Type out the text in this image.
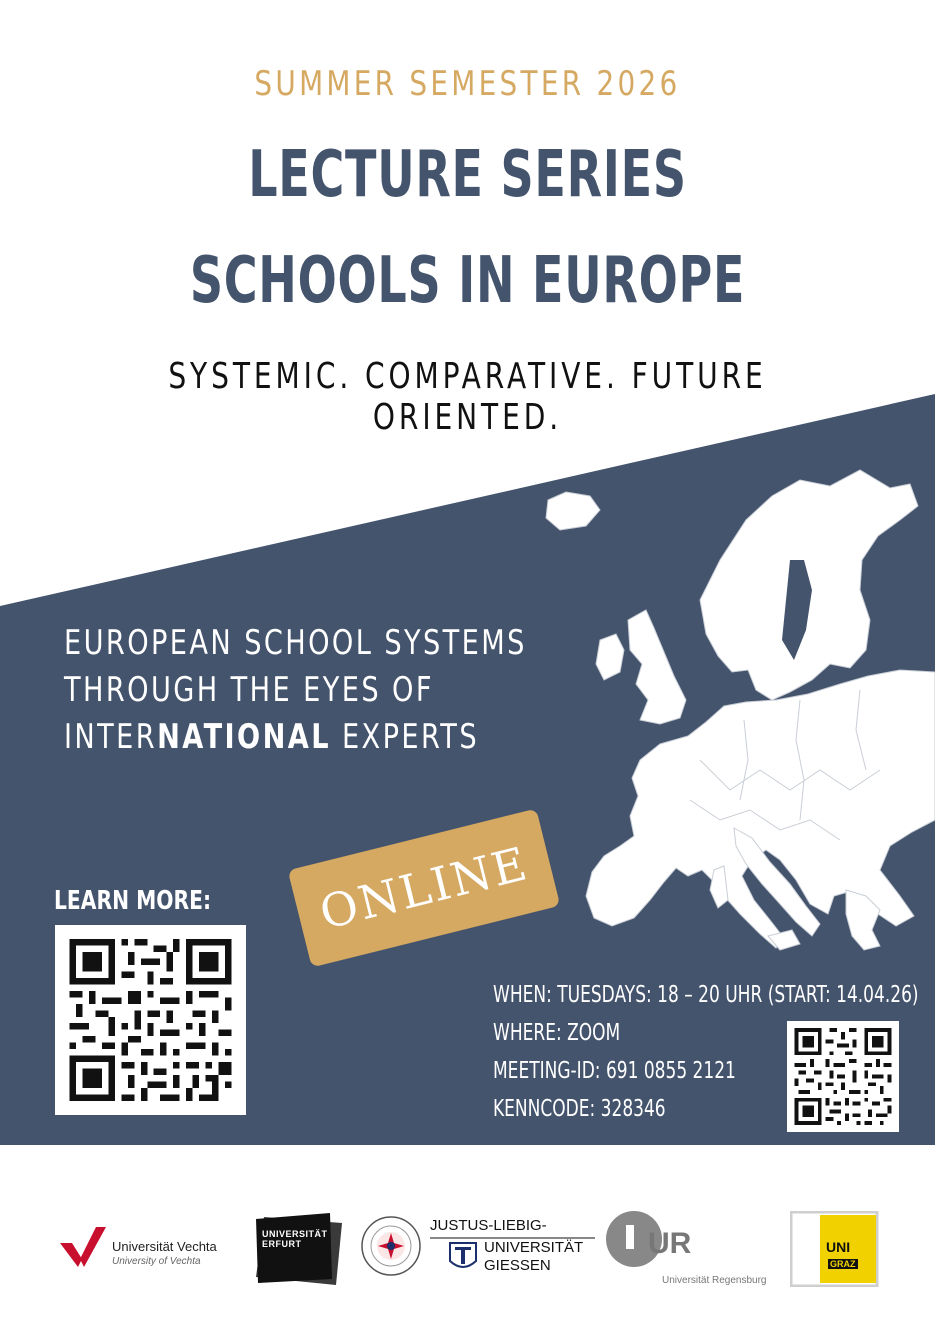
SUMMER SEMESTER 2026
LECTURE SERIES
SCHOOLS IN EUROPE
SYSTEMIC. COMPARATIVE. FUTURE ORIENTED.
EUROPEAN SCHOOL SYSTEMS
THROUGH THE EYES OF
INTERNATIONAL EXPERTS
ONLINE
LEARN MORE:
WHEN: TUESDAYS: 18 – 20 UHR (START: 14.04.26)
WHERE: ZOOM
MEETING-ID: 691 0855 2121
KENNCODE: 328346
Universität Vechta
University of Vechta
UNIVERSITÄT
ERFURT
JUSTUS-LIEBIG-
UNIVERSITÄT
GIESSEN
UR
Universität Regensburg
UNI
GRAZ
